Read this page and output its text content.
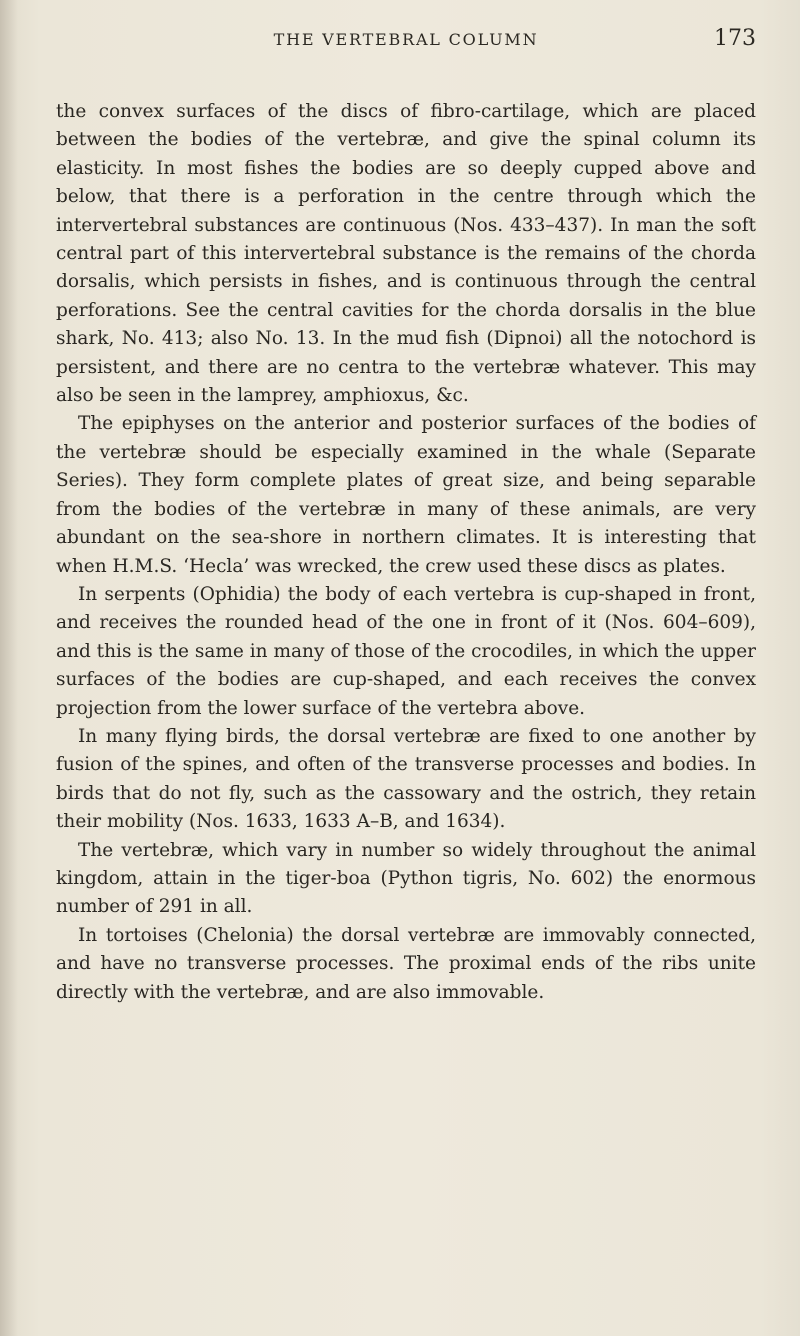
THE VERTEBRAL COLUMN	173

the convex surfaces of the discs of fibro-cartilage, which are placed between the bodies of the vertebræ, and give the spinal column its elasticity. In most fishes the bodies are so deeply cupped above and below, that there is a perforation in the centre through which the intervertebral substances are continuous (Nos. 433–437). In man the soft central part of this intervertebral substance is the remains of the chorda dorsalis, which persists in fishes, and is continuous through the central perforations. See the central cavities for the chorda dorsalis in the blue shark, No. 413; also No. 13. In the mud fish (Dipnoi) all the notochord is persistent, and there are no centra to the vertebræ whatever. This may also be seen in the lamprey, amphioxus, &c.

The epiphyses on the anterior and posterior surfaces of the bodies of the vertebræ should be especially examined in the whale (Separate Series). They form complete plates of great size, and being separable from the bodies of the vertebræ in many of these animals, are very abundant on the sea-shore in northern climates. It is interesting that when H.M.S. ‘Hecla’ was wrecked, the crew used these discs as plates.

In serpents (Ophidia) the body of each vertebra is cup-shaped in front, and receives the rounded head of the one in front of it (Nos. 604–609), and this is the same in many of those of the crocodiles, in which the upper surfaces of the bodies are cup-shaped, and each receives the convex projection from the lower surface of the vertebra above.

In many flying birds, the dorsal vertebræ are fixed to one another by fusion of the spines, and often of the transverse processes and bodies. In birds that do not fly, such as the cassowary and the ostrich, they retain their mobility (Nos. 1633, 1633 A–B, and 1634).

The vertebræ, which vary in number so widely throughout the animal kingdom, attain in the tiger-boa (Python tigris, No. 602) the enormous number of 291 in all.

In tortoises (Chelonia) the dorsal vertebræ are immovably connected, and have no transverse processes. The proximal ends of the ribs unite directly with the vertebræ, and are also immovable.
